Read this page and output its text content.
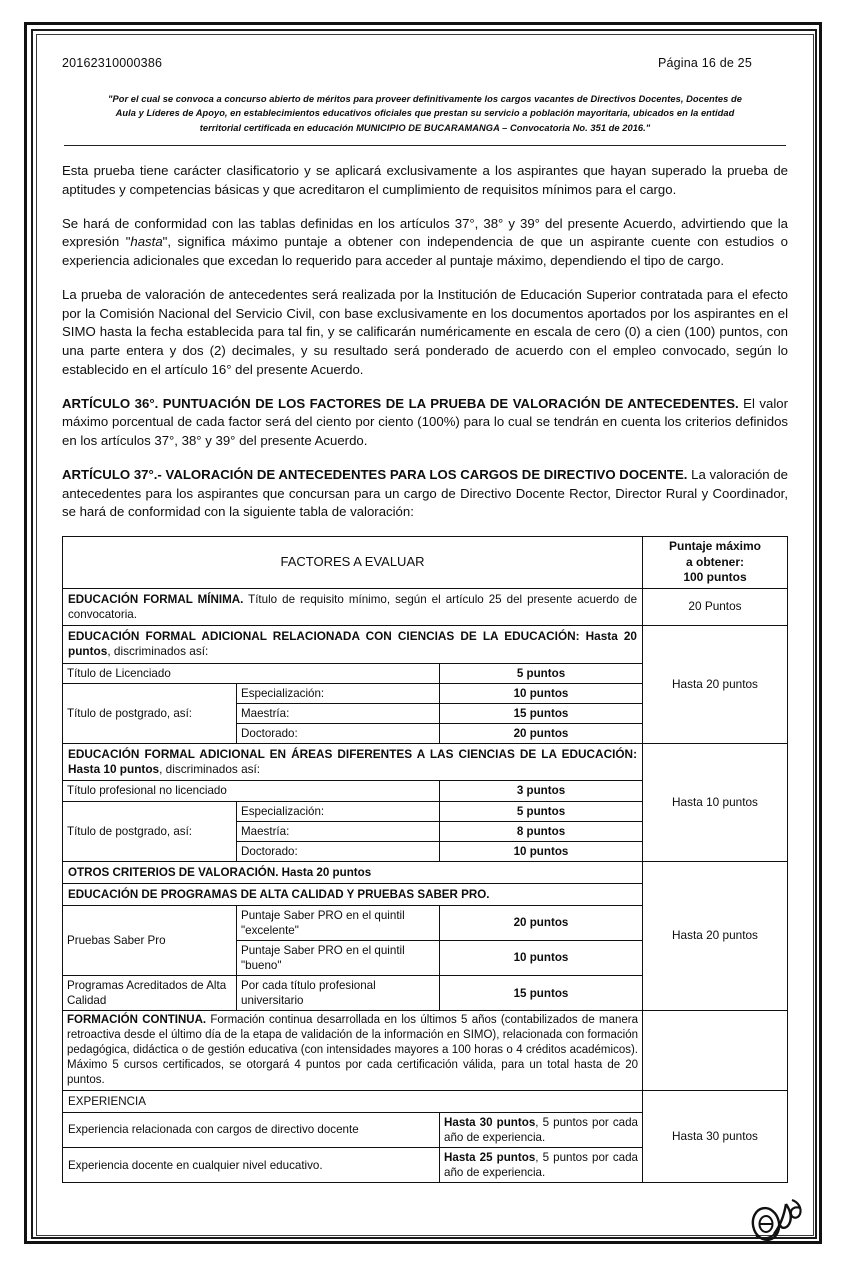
20162310000386	Página 16 de 25
"Por el cual se convoca a concurso abierto de méritos para proveer definitivamente los cargos vacantes de Directivos Docentes, Docentes de Aula y Líderes de Apoyo, en establecimientos educativos oficiales que prestan su servicio a población mayoritaria, ubicados en la entidad territorial certificada en educación MUNICIPIO DE BUCARAMANGA – Convocatoria No. 351 de 2016."

Esta prueba tiene carácter clasificatorio y se aplicará exclusivamente a los aspirantes que hayan superado la prueba de aptitudes y competencias básicas y que acreditaron el cumplimiento de requisitos mínimos para el cargo.

Se hará de conformidad con las tablas definidas en los artículos 37°, 38° y 39° del presente Acuerdo, advirtiendo que la expresión "hasta", significa máximo puntaje a obtener con independencia de que un aspirante cuente con estudios o experiencia adicionales que excedan lo requerido para acceder al puntaje máximo, dependiendo el tipo de cargo.

La prueba de valoración de antecedentes será realizada por la Institución de Educación Superior contratada para el efecto por la Comisión Nacional del Servicio Civil, con base exclusivamente en los documentos aportados por los aspirantes en el SIMO hasta la fecha establecida para tal fin, y se calificarán numéricamente en escala de cero (0) a cien (100) puntos, con una parte entera y dos (2) decimales, y su resultado será ponderado de acuerdo con el empleo convocado, según lo establecido en el artículo 16° del presente Acuerdo.

ARTÍCULO 36°. PUNTUACIÓN DE LOS FACTORES DE LA PRUEBA DE VALORACIÓN DE ANTECEDENTES. El valor máximo porcentual de cada factor será del ciento por ciento (100%) para lo cual se tendrán en cuenta los criterios definidos en los artículos 37°, 38° y 39° del presente Acuerdo.

ARTÍCULO 37°.- VALORACIÓN DE ANTECEDENTES PARA LOS CARGOS DE DIRECTIVO DOCENTE. La valoración de antecedentes para los aspirantes que concursan para un cargo de Directivo Docente Rector, Director Rural y Coordinador, se hará de conformidad con la siguiente tabla de valoración:

FACTORES A EVALUAR			Puntaje máximo
a obtener:
100 puntos

EDUCACIÓN FORMAL MÍNIMA. Título de requisito mínimo, según el artículo 25 del presente acuerdo de convocatoria.			20 Puntos
EDUCACIÓN FORMAL ADICIONAL RELACIONADA CON CIENCIAS DE LA EDUCACIÓN: Hasta 20 puntos, discriminados así:			Hasta 20 puntos
Título de Licenciado		5 puntos	
Título de postgrado, así:	Especialización:	10 puntos	
	Maestría:	15 puntos	
	Doctorado:	20 puntos	
EDUCACIÓN FORMAL ADICIONAL EN ÁREAS DIFERENTES A LAS CIENCIAS DE LA EDUCACIÓN: Hasta 10 puntos, discriminados así:			Hasta 10 puntos
Título profesional no licenciado		3 puntos	
Título de postgrado, así:	Especialización:	5 puntos	
	Maestría:	8 puntos	
	Doctorado:	10 puntos	
OTROS CRITERIOS DE VALORACIÓN. Hasta 20 puntos			Hasta 20 puntos
EDUCACIÓN DE PROGRAMAS DE ALTA CALIDAD Y PRUEBAS SABER PRO.			
Pruebas Saber Pro	Puntaje Saber PRO en el quintil "excelente"	20 puntos	
	Puntaje Saber PRO en el quintil "bueno"	10 puntos	
Programas Acreditados de Alta Calidad	Por cada título profesional universitario	15 puntos	
FORMACIÓN CONTINUA. Formación continua desarrollada en los últimos 5 años (contabilizados de manera retroactiva desde el último día de la etapa de validación de la información en SIMO), relacionada con formación pedagógica, didáctica o de gestión educativa (con intensidades mayores a 100 horas o 4 créditos académicos). Máximo 5 cursos certificados, se otorgará 4 puntos por cada certificación válida, para un total hasta de 20 puntos.			
EXPERIENCIA			Hasta 30 puntos
Experiencia relacionada con cargos de directivo docente		Hasta 30 puntos, 5 puntos por cada año de experiencia.	
Experiencia docente en cualquier nivel educativo.		Hasta 25 puntos, 5 puntos por cada año de experiencia.	
